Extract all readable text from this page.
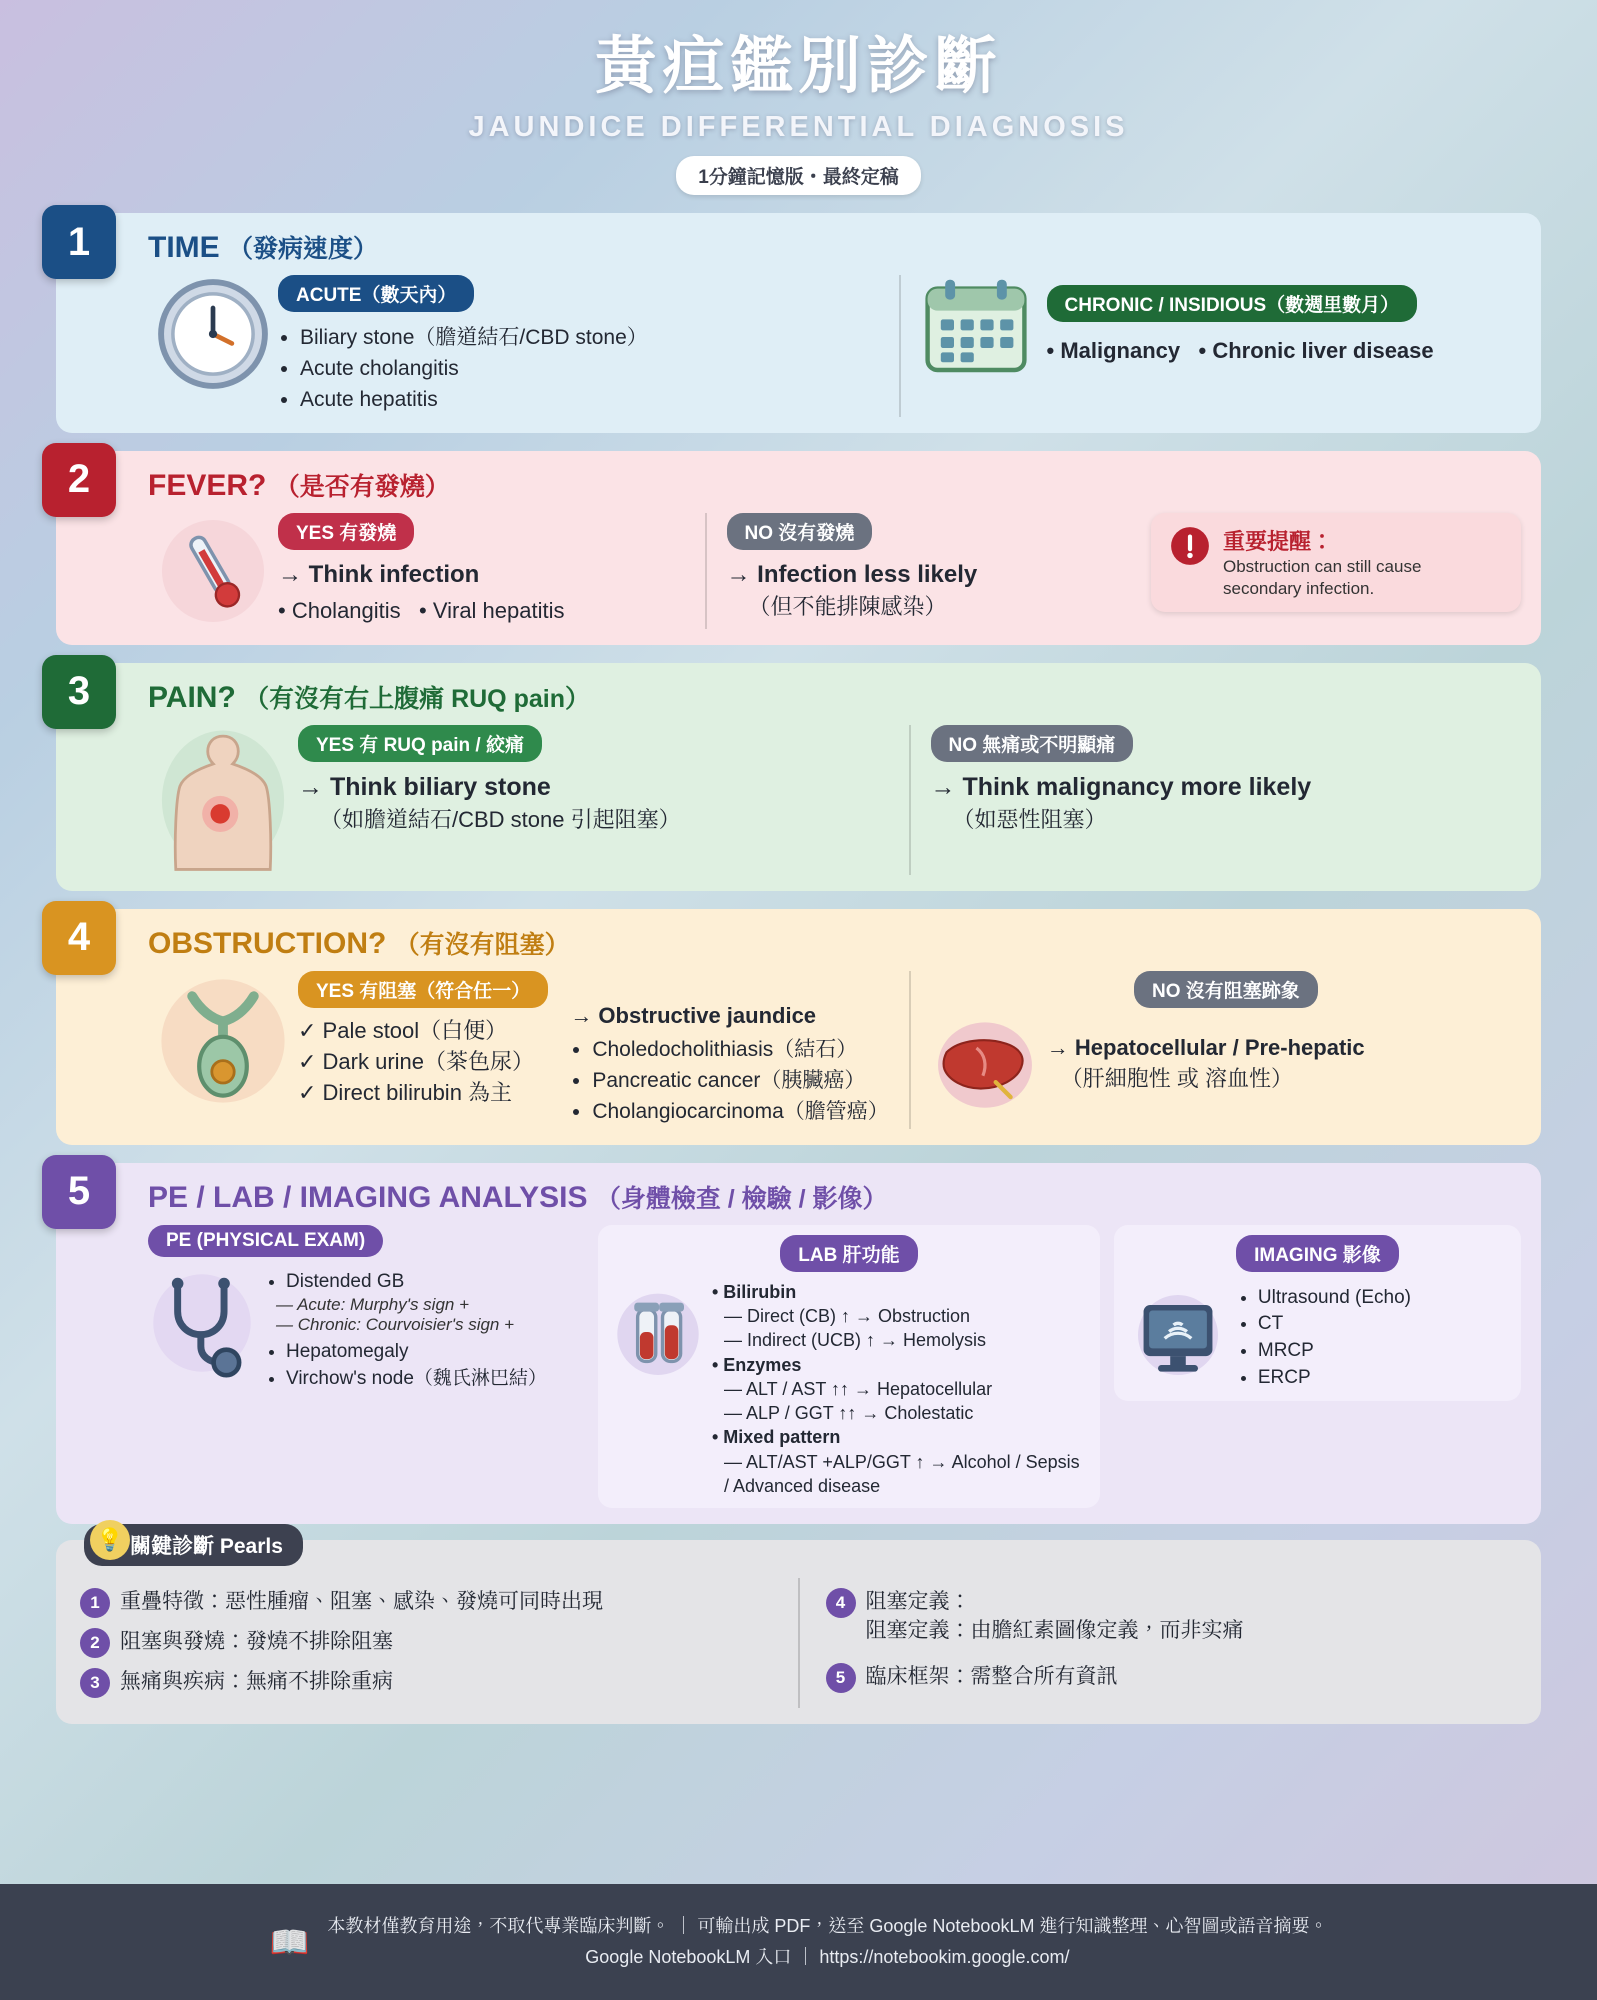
黃疸鑑別診斷
JAUNDICE DIFFERENTIAL DIAGNOSIS
1分鐘記憶版・最終定稿
1	TIME （發病速度）
ACUTE（數天內）
• Biliary stone（膽道結石/CBD stone）
• Acute cholangitis
• Acute hepatitis
CHRONIC / INSIDIOUS（數週里數月）
• Malignancy • Chronic liver disease
2	FEVER? （是否有發燒）
YES 有發燒
→ Think infection
• Cholangitis   • Viral hepatitis
NO 沒有發燒
→ Infection less likely
（但不能排陳感染）
重要提醒：
Obstruction can still cause secondary infection.
3	PAIN? （有沒有右上腹痛 RUQ pain）
YES 有 RUQ pain / 絞痛
→ Think biliary stone
（如膽道結石/CBD stone 引起阻塞）
NO 無痛或不明顯痛
→ Think malignancy more likely
（如惡性阻塞）
4	OBSTRUCTION? （有沒有阻塞）
YES 有阻塞（符合任一）
✓ Pale stool（白便）
✓ Dark urine（茶色尿）
✓ Direct bilirubin 為主
→ Obstructive jaundice
• Choledocholithiasis（結石）
• Pancreatic cancer（胰臟癌）
• Cholangiocarcinoma（膽管癌）
NO 沒有阻塞跡象
→ Hepatocellular / Pre-hepatic
（肝細胞性 或 溶血性）
5	PE / LAB / IMAGING ANALYSIS （身體檢查 / 檢驗 / 影像）
PE (PHYSICAL EXAM)
• Distended GB
— Acute: Murphy's sign +
— Chronic: Courvoisier's sign +
• Hepatomegaly
• Virchow's node（魏氏淋巴結）
LAB 肝功能
• Bilirubin
— Direct (CB) ↑ → Obstruction
— Indirect (UCB) ↑ → Hemolysis
• Enzymes
— ALT / AST ↑↑ → Hepatocellular
— ALP / GGT ↑↑ → Cholestatic
• Mixed pattern
— ALT/AST +ALP/GGT ↑ → Alcohol / Sepsis / Advanced disease
IMAGING 影像
• Ultrasound (Echo)
• CT
• MRCP
• ERCP
💡 關鍵診斷 Pearls
1 重疊特徵：惡性腫瘤、阻塞、感染、發燒可同時出現
2 阻塞與發燒：發燒不排除阻塞
3 無痛與疾病：無痛不排除重病
4 阻塞定義：
阻塞定義：由膽紅素圖像定義，而非实痛
5 臨床框架：需整合所有資訊
📖 本教材僅教育用途，不取代專業臨床判斷。 ｜ 可輸出成 PDF，送至 Google NotebookLM 進行知識整理、心智圖或語音摘要。
Google NotebookLM 入口 ｜ https://notebookim.google.com/
